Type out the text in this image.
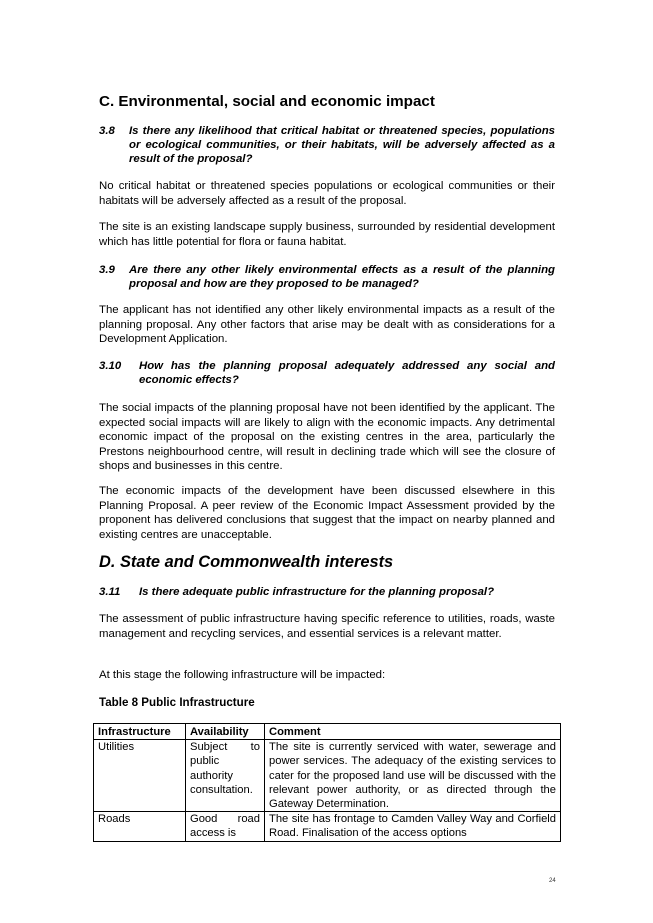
C. Environmental, social and economic impact
3.8 Is there any likelihood that critical habitat or threatened species, populations or ecological communities, or their habitats, will be adversely affected as a result of the proposal?
No critical habitat or threatened species populations or ecological communities or their habitats will be adversely affected as a result of the proposal.
The site is an existing landscape supply business, surrounded by residential development which has little potential for flora or fauna habitat.
3.9 Are there any other likely environmental effects as a result of the planning proposal and how are they proposed to be managed?
The applicant has not identified any other likely environmental impacts as a result of the planning proposal. Any other factors that arise may be dealt with as considerations for a Development Application.
3.10 How has the planning proposal adequately addressed any social and economic effects?
The social impacts of the planning proposal have not been identified by the applicant. The expected social impacts will are likely to align with the economic impacts. Any detrimental economic impact of the proposal on the existing centres in the area, particularly the Prestons neighbourhood centre, will result in declining trade which will see the closure of shops and businesses in this centre.
The economic impacts of the development have been discussed elsewhere in this Planning Proposal. A peer review of the Economic Impact Assessment provided by the proponent has delivered conclusions that suggest that the impact on nearby planned and existing centres are unacceptable.
D. State and Commonwealth interests
3.11 Is there adequate public infrastructure for the planning proposal?
The assessment of public infrastructure having specific reference to utilities, roads, waste management and recycling services, and essential services is a relevant matter.
At this stage the following infrastructure will be impacted:
Table 8 Public Infrastructure
Infrastructure	Availability	Comment
Utilities	Subject to public authority consultation.	The site is currently serviced with water, sewerage and power services. The adequacy of the existing services to cater for the proposed land use will be discussed with the relevant power authority, or as directed through the Gateway Determination.
Roads	Good road access is	The site has frontage to Camden Valley Way and Corfield Road. Finalisation of the access options
24
